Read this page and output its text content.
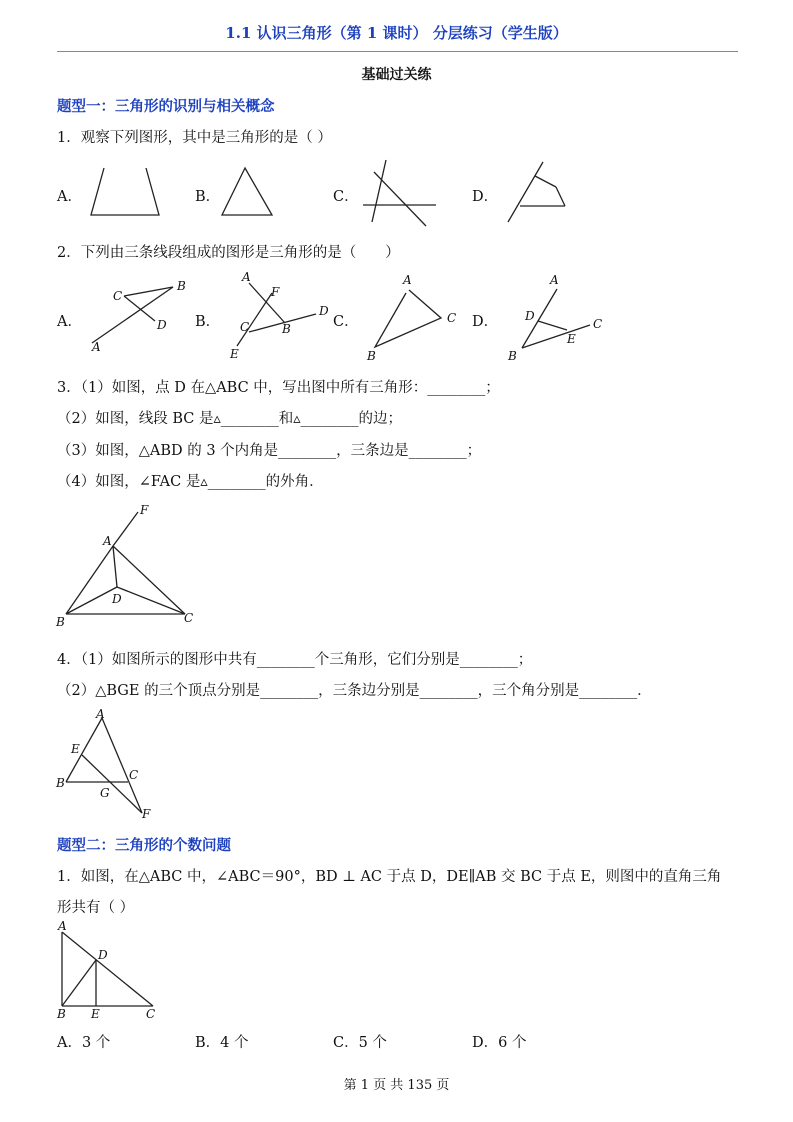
1.1 认识三角形（第 1 课时） 分层练习（学生版）
基础过关练
题型一：三角形的识别与相关概念
1．观察下列图形，其中是三角形的是（ ）
A．	B．	C．	D．
2．下列由三条线段组成的图形是三角形的是（　　）
A．	B．	C．	D．
C
B
D
A
A
F
D
C	B
E
A
C
B
A
D
C
E
B
3．（1）如图，点 D 在△ABC 中，写出图中所有三角形：________；
（2）如图，线段 BC 是▵________和▵________的边；
（3）如图，△ABD 的 3 个内角是________，三条边是________；
（4）如图，∠FAC 是▵________的外角．
F
A
D
B	C
4．（1）如图所示的图形中共有________个三角形，它们分别是________；
（2）△BGE 的三个顶点分别是________，三条边分别是________，三个角分别是________．
A
E
B
C
G
F
题型二：三角形的个数问题
1．如图，在△ABC 中，∠ABC＝90°，BD ⊥ AC 于点 D，DE∥AB 交 BC 于点 E，则图中的直角三角
形共有（ ）
A
D
B E	C
A．3 个	B．4 个	C．5 个	D．6 个
第 1 页 共 135 页
